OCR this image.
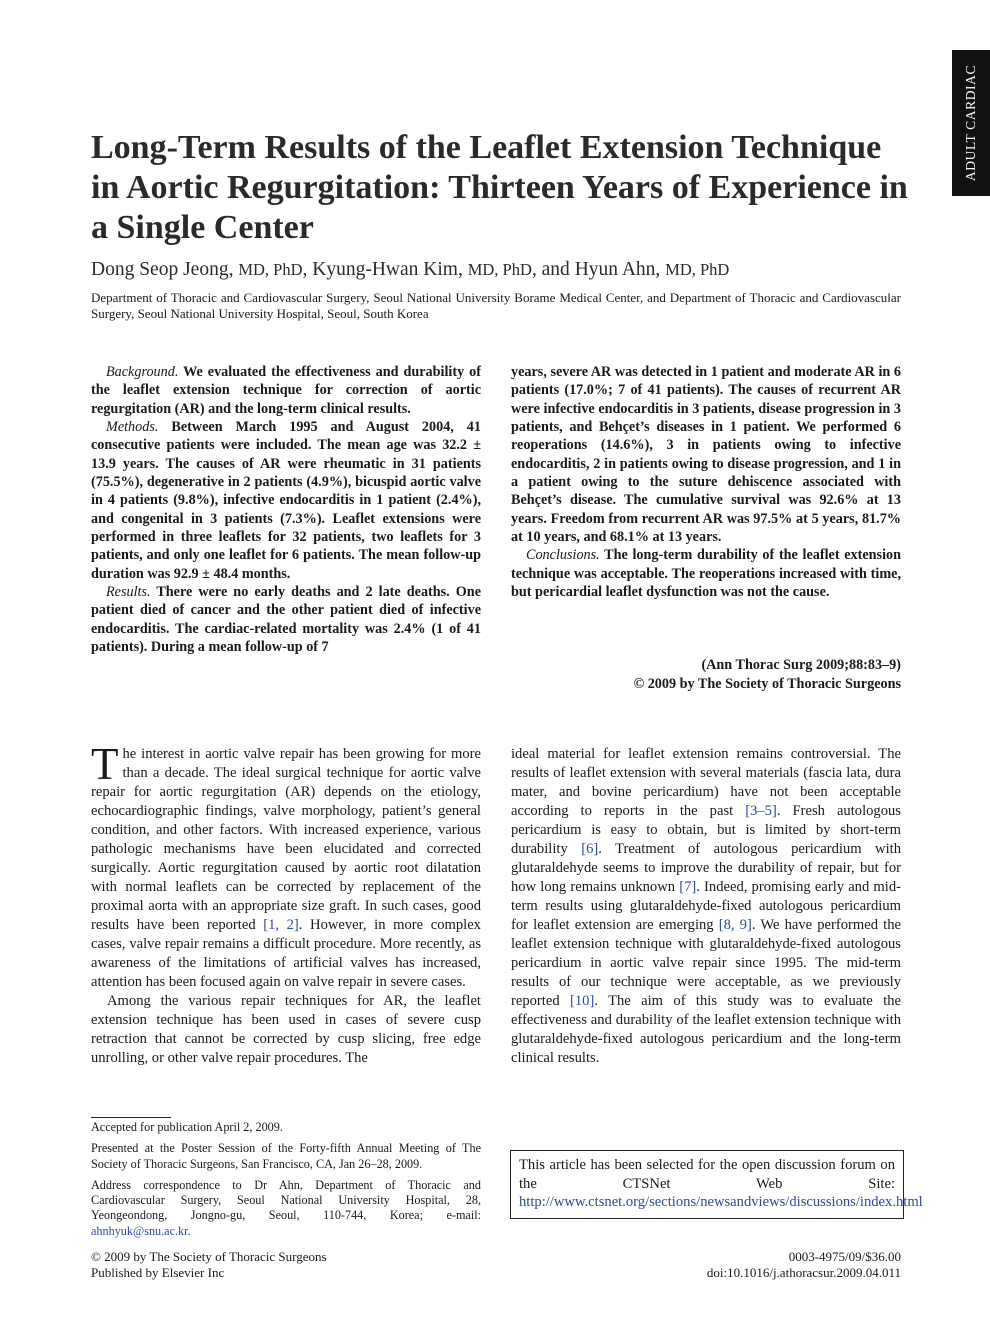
ADULT CARDIAC
Long-Term Results of the Leaflet Extension Technique in Aortic Regurgitation: Thirteen Years of Experience in a Single Center
Dong Seop Jeong, MD, PhD, Kyung-Hwan Kim, MD, PhD, and Hyun Ahn, MD, PhD
Department of Thoracic and Cardiovascular Surgery, Seoul National University Borame Medical Center, and Department of Thoracic and Cardiovascular Surgery, Seoul National University Hospital, Seoul, South Korea

Background. We evaluated the effectiveness and durability of the leaflet extension technique for correction of aortic regurgitation (AR) and the long-term clinical results.

Methods. Between March 1995 and August 2004, 41 consecutive patients were included. The mean age was 32.2 ± 13.9 years. The causes of AR were rheumatic in 31 patients (75.5%), degenerative in 2 patients (4.9%), bicuspid aortic valve in 4 patients (9.8%), infective endocarditis in 1 patient (2.4%), and congenital in 3 patients (7.3%). Leaflet extensions were performed in three leaflets for 32 patients, two leaflets for 3 patients, and only one leaflet for 6 patients. The mean follow-up duration was 92.9 ± 48.4 months.

Results. There were no early deaths and 2 late deaths. One patient died of cancer and the other patient died of infective endocarditis. The cardiac-related mortality was 2.4% (1 of 41 patients). During a mean follow-up of 7

years, severe AR was detected in 1 patient and moderate AR in 6 patients (17.0%; 7 of 41 patients). The causes of recurrent AR were infective endocarditis in 3 patients, disease progression in 3 patients, and Behçet’s diseases in 1 patient. We performed 6 reoperations (14.6%), 3 in patients owing to infective endocarditis, 2 in patients owing to disease progression, and 1 in a patient owing to the suture dehiscence associated with Behçet’s disease. The cumulative survival was 92.6% at 13 years. Freedom from recurrent AR was 97.5% at 5 years, 81.7% at 10 years, and 68.1% at 13 years.

Conclusions. The long-term durability of the leaflet extension technique was acceptable. The reoperations increased with time, but pericardial leaflet dysfunction was not the cause.

(Ann Thorac Surg 2009;88:83–9)
© 2009 by The Society of Thoracic Surgeons

The interest in aortic valve repair has been growing for more than a decade. The ideal surgical technique for aortic valve repair for aortic regurgitation (AR) depends on the etiology, echocardiographic findings, valve morphology, patient’s general condition, and other factors. With increased experience, various pathologic mechanisms have been elucidated and corrected surgically. Aortic regurgitation caused by aortic root dilatation with normal leaflets can be corrected by replacement of the proximal aorta with an appropriate size graft. In such cases, good results have been reported [1, 2]. However, in more complex cases, valve repair remains a difficult procedure. More recently, as awareness of the limitations of artificial valves has increased, attention has been focused again on valve repair in severe cases.

Among the various repair techniques for AR, the leaflet extension technique has been used in cases of severe cusp retraction that cannot be corrected by cusp slicing, free edge unrolling, or other valve repair procedures. The

ideal material for leaflet extension remains controversial. The results of leaflet extension with several materials (fascia lata, dura mater, and bovine pericardium) have not been acceptable according to reports in the past [3–5]. Fresh autologous pericardium is easy to obtain, but is limited by short-term durability [6]. Treatment of autologous pericardium with glutaraldehyde seems to improve the durability of repair, but for how long remains unknown [7]. Indeed, promising early and mid-term results using glutaraldehyde-fixed autologous pericardium for leaflet extension are emerging [8, 9]. We have performed the leaflet extension technique with glutaraldehyde-fixed autologous pericardium in aortic valve repair since 1995. The mid-term results of our technique were acceptable, as we previously reported [10]. The aim of this study was to evaluate the effectiveness and durability of the leaflet extension technique with glutaraldehyde-fixed autologous pericardium and the long-term clinical results.

Accepted for publication April 2, 2009.

Presented at the Poster Session of the Forty-fifth Annual Meeting of The Society of Thoracic Surgeons, San Francisco, CA, Jan 26–28, 2009.

Address correspondence to Dr Ahn, Department of Thoracic and Cardiovascular Surgery, Seoul National University Hospital, 28, Yeongeondong, Jongno-gu, Seoul, 110-744, Korea; e-mail: ahnhyuk@snu.ac.kr.

This article has been selected for the open discussion forum on the CTSNet Web Site: http://www.ctsnet.org/sections/newsandviews/discussions/index.html
© 2009 by The Society of Thoracic Surgeons
Published by Elsevier Inc
0003-4975/09/$36.00
doi:10.1016/j.athoracsur.2009.04.011
